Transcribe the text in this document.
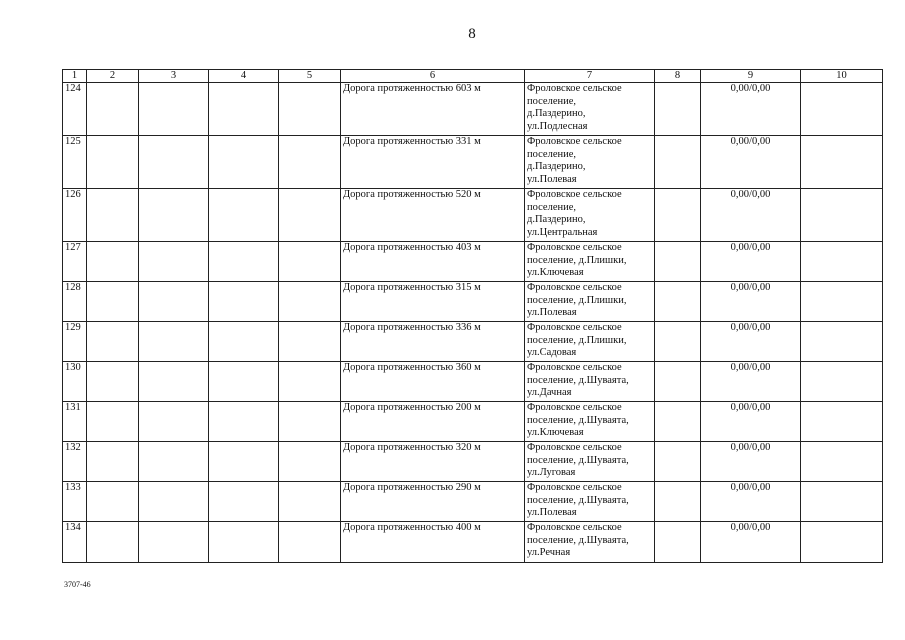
8
1	2	3	4	5	6	7	8	9	10
124					Дорога протяженностью 603 м	Фроловское сельское
поселение,
д.Паздерино,
ул.Подлесная		0,00/0,00	
125					Дорога протяженностью 331 м	Фроловское сельское
поселение,
д.Паздерино,
ул.Полевая		0,00/0,00	
126					Дорога протяженностью 520 м	Фроловское сельское
поселение,
д.Паздерино,
ул.Центральная		0,00/0,00	
127					Дорога протяженностью 403 м	Фроловское сельское
поселение, д.Плишки,
ул.Ключевая		0,00/0,00	
128					Дорога протяженностью 315 м	Фроловское сельское
поселение, д.Плишки,
ул.Полевая		0,00/0,00	
129					Дорога протяженностью 336 м	Фроловское сельское
поселение, д.Плишки,
ул.Садовая		0,00/0,00	
130					Дорога протяженностью 360 м	Фроловское сельское
поселение, д.Шуваята,
ул.Дачная		0,00/0,00	
131					Дорога протяженностью 200 м	Фроловское сельское
поселение, д.Шуваята,
ул.Ключевая		0,00/0,00	
132					Дорога протяженностью 320 м	Фроловское сельское
поселение, д.Шуваята,
ул.Луговая		0,00/0,00	
133					Дорога протяженностью 290 м	Фроловское сельское
поселение, д.Шуваята,
ул.Полевая		0,00/0,00	
134					Дорога протяженностью 400 м	Фроловское сельское
поселение, д.Шуваята,
ул.Речная		0,00/0,00	
3707-46
